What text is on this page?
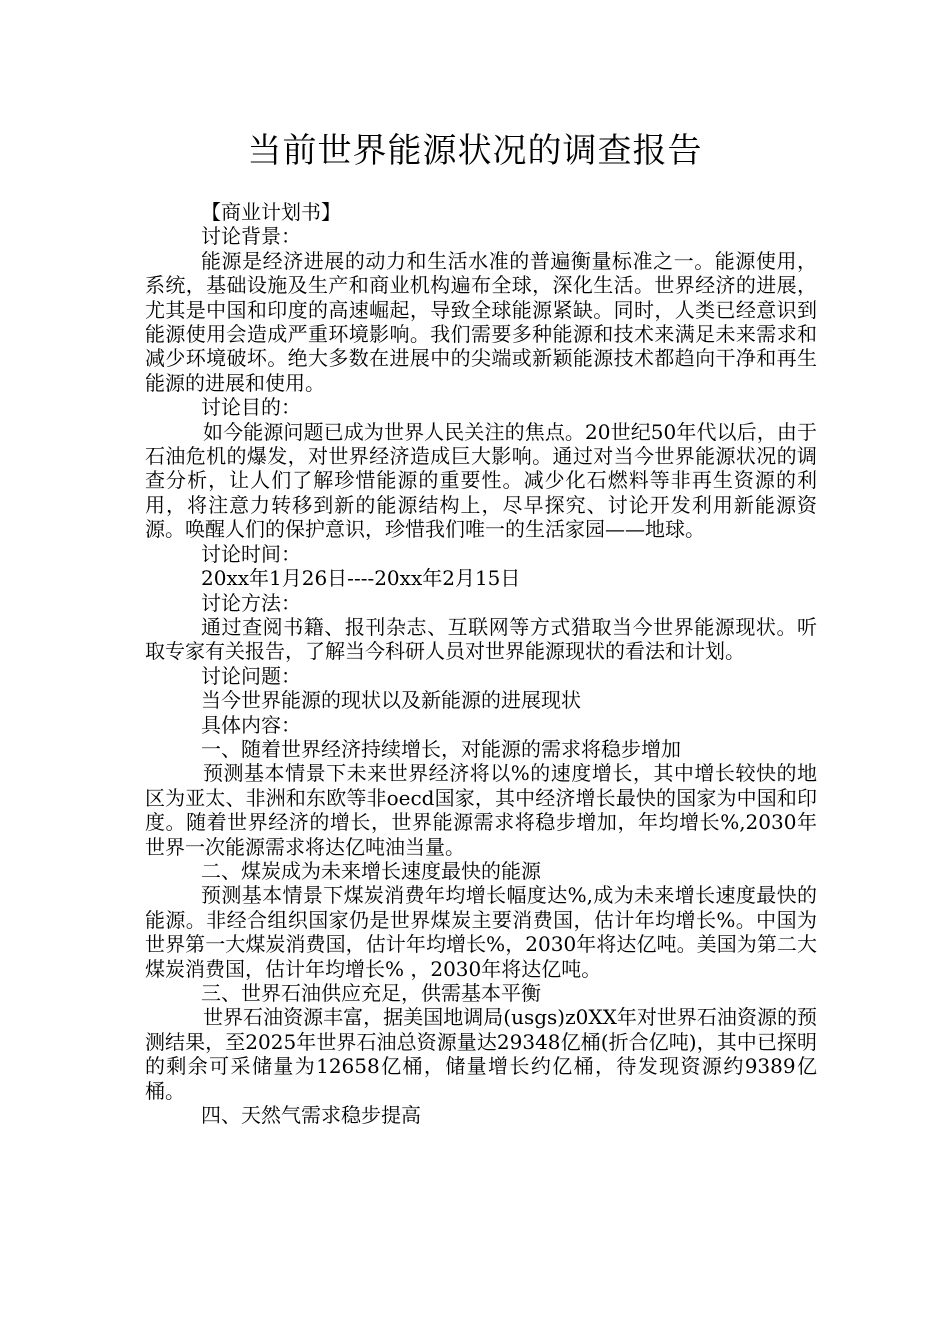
当前世界能源状况的调查报告

【商业计划书】

讨论背景：

能源是经济进展的动力和生活水准的普遍衡量标准之一。能源使用，系统，基础设施及生产和商业机构遍布全球，深化生活。世界经济的进展，尤其是中国和印度的高速崛起，导致全球能源紧缺。同时，人类已经意识到能源使用会造成严重环境影响。我们需要多种能源和技术来满足未来需求和减少环境破坏。绝大多数在进展中的尖端或新颖能源技术都趋向干净和再生能源的进展和使用。

讨论目的：

如今能源问题已成为世界人民关注的焦点。20世纪50年代以后，由于石油危机的爆发，对世界经济造成巨大影响。通过对当今世界能源状况的调查分析，让人们了解珍惜能源的重要性。减少化石燃料等非再生资源的利用，将注意力转移到新的能源结构上，尽早探究、讨论开发利用新能源资源。唤醒人们的保护意识，珍惜我们唯一的生活家园——地球。

讨论时间：

20xx年1月26日----20xx年2月15日

讨论方法：

通过查阅书籍、报刊杂志、互联网等方式猎取当今世界能源现状。听取专家有关报告，了解当今科研人员对世界能源现状的看法和计划。

讨论问题：

当今世界能源的现状以及新能源的进展现状

具体内容：

一、随着世界经济持续增长，对能源的需求将稳步增加

预测基本情景下未来世界经济将以%的速度增长，其中增长较快的地区为亚太、非洲和东欧等非oecd国家，其中经济增长最快的国家为中国和印度。随着世界经济的增长，世界能源需求将稳步增加，年均增长%,2030年世界一次能源需求将达亿吨油当量。

二、煤炭成为未来增长速度最快的能源

预测基本情景下煤炭消费年均增长幅度达%,成为未来增长速度最快的能源。非经合组织国家仍是世界煤炭主要消费国，估计年均增长%。中国为世界第一大煤炭消费国，估计年均增长%，2030年将达亿吨。美国为第二大煤炭消费国，估计年均增长% ，2030年将达亿吨。

三、世界石油供应充足，供需基本平衡

世界石油资源丰富，据美国地调局(usgs)z0XX年对世界石油资源的预测结果，至2025年世界石油总资源量达29348亿桶(折合亿吨)，其中已探明的剩余可采储量为12658亿桶，储量增长约亿桶，待发现资源约9389亿桶。

四、天然气需求稳步提高
